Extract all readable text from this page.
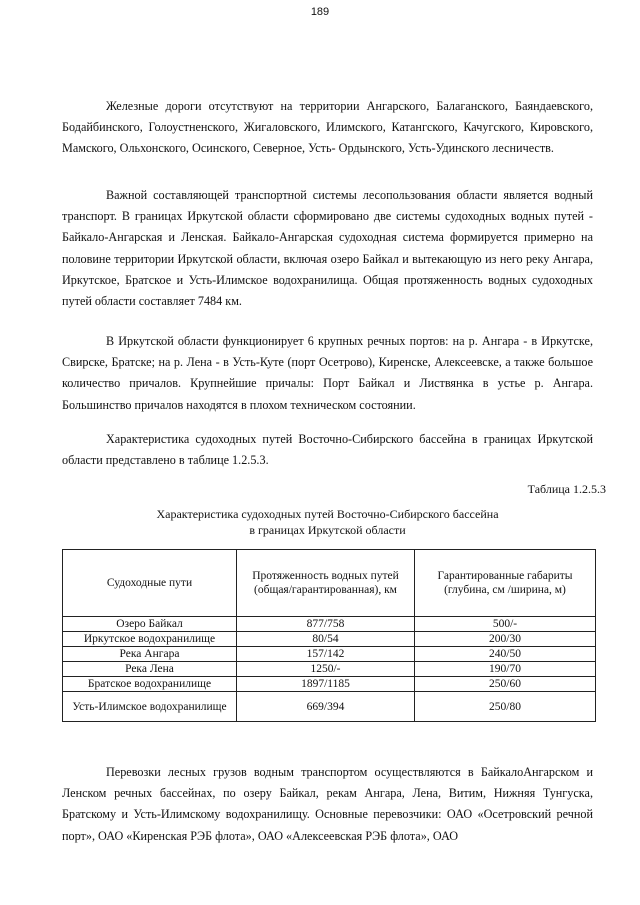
189

Железные дороги отсутствуют на территории Ангарского, Балаганского, Баяндаевского, Бодайбинского, Голоустненского, Жигаловского, Илимского, Катангского, Качугского, Кировского, Мамского, Ольхонского, Осинского, Северное, Усть- Ордынского, Усть-Удинского лесничеств.

Важной составляющей транспортной системы лесопользования области является водный транспорт. В границах Иркутской области сформировано две системы судоходных водных путей - Байкало-Ангарская и Ленская. Байкало-Ангарская судоходная система формируется примерно на половине территории Иркутской области, включая озеро Байкал и вытекающую из него реку Ангара, Иркутское, Братское и Усть-Илимское водохранилища. Общая протяженность водных судоходных путей области составляет 7484 км.

В Иркутской области функционирует 6 крупных речных портов: на р. Ангара - в Иркутске, Свирске, Братске; на р. Лена - в Усть-Куте (порт Осетрово), Киренске, Алексеевске, а также большое количество причалов. Крупнейшие причалы: Порт Байкал и Листвянка в устье р. Ангара. Большинство причалов находятся в плохом техническом состоянии.

Характеристика судоходных путей Восточно-Сибирского бассейна в границах Иркутской области представлено в таблице 1.2.5.3.

Таблица 1.2.5.3
Характеристика судоходных путей Восточно-Сибирского бассейна
в границах Иркутской области
Судоходные пути	Протяженность водных путей (общая/гарантированная), км	Гарантированные габариты (глубина, см /ширина, м)
Озеро Байкал	877/758	500/-
Иркутское водохранилище	80/54	200/30
Река Ангара	157/142	240/50
Река Лена	1250/-	190/70
Братское водохранилище	1897/1185	250/60
Усть-Илимское водохранилище	669/394	250/80

Перевозки лесных грузов водным транспортом осуществляются в БайкалоАнгарском и Ленском речных бассейнах, по озеру Байкал, рекам Ангара, Лена, Витим, Нижняя Тунгуска, Братскому и Усть-Илимскому водохранилищу. Основные перевозчики: ОАО «Осетровский речной порт», ОАО «Киренская РЭБ флота», ОАО «Алексеевская РЭБ флота», ОАО
